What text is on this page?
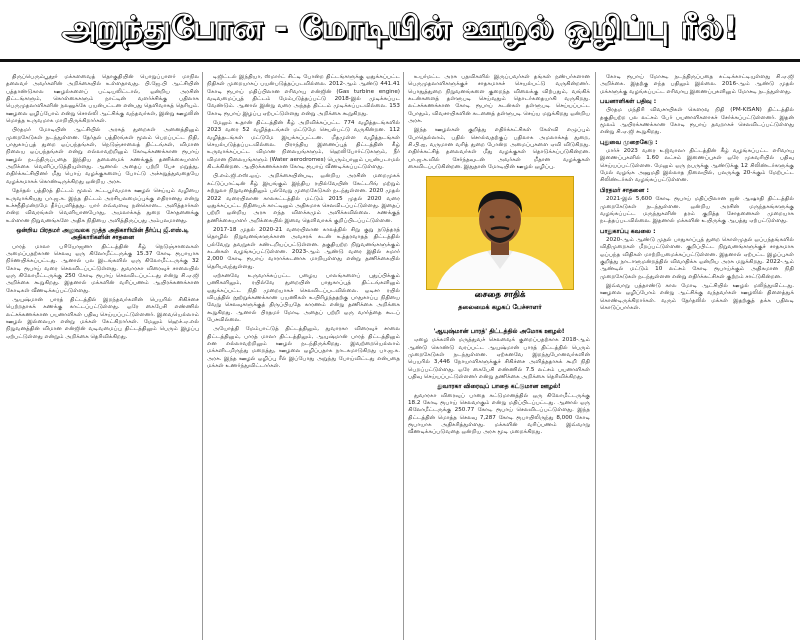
அறுந்துபோன - மோடியின் ஊழல் ஒழிப்பு ரீல்!

திருப்பெரும்பூதூர் மக்களவைத் தொகுதியின் பொறுப்பாளர் மாநில தலைவர் அவர்களின் அறிக்கையில் உள்ளதாவது. பி.ஜே.பி ஆட்சியின் பத்தாண்டுகால ஊழல்களைப் பட்டியலிட்டால், ஒன்றிய அரசின் திட்டங்களும், கொள்கைகளும் நாட்டின் வளர்ச்சிக்கு பதிலாக பெருமுதலாளிகளின் நலனுக்கே பயன்பட்டன என்பது தெளிவாகத் தெரியும். ஊழலை ஒழிப்போம் என்று சொல்லி ஆட்சிக்கு வந்தவர்கள், இன்று ஊழலின் மொத்த உருவமாக மாறியிருக்கிறார்கள்.

பிரதமர் மோடியின் ஆட்சியில் அரசுத் துறைகள் அனைத்திலும் முறைகேடுகள் நடந்துள்ளன. தேர்தல் பத்திரங்கள் மூலம் பெறப்பட்ட நிதி, பாதுகாப்புத் துறை ஒப்பந்தங்கள், நெடுஞ்சாலைத் திட்டங்கள், விமான நிலைய ஒப்பந்தங்கள் என்று எல்லாவற்றிலும் கோடிக்கணக்கான ரூபாய் ஊழல் நடந்திருப்பதை இந்திய தலைமைக் கணக்குத் தணிக்கையாளர் அறிக்கை வெளிப்படுத்தியுள்ளது. ஆனால் அதைப் பற்றி பேச மறுத்து, எதிர்க்கட்சியினர் மீது பொய் வழக்குகளைப் போட்டு அச்சுறுத்துவதையே வழக்கமாகக் கொண்டிருக்கிறது ஒன்றிய அரசு.

தேர்தல் பத்திரத் திட்டம் மூலம் சட்டபூர்வமாக ஊழல் செய்யும் வழியை உருவாக்கியது பா.ஜ.க. இந்த திட்டம் அரசியலமைப்புக்கு எதிரானது என்று உச்சநீதிமன்றமே தீர்ப்பளித்தது. யார் எவ்வளவு நன்கொடை அளித்தார்கள் என்ற விவரங்கள் வெளியானபோது, அமலாக்கத் துறை சோதனைக்கு உள்ளான நிறுவனங்களே அதிக நிதியை அளித்திருப்பது அம்பலமானது.

ஒன்றிய பிரதமர் அலுவலக மூத்த அதிகாரியின் தீர்ப்பு ஜீ.எஸ்.டி அதிகாரிகளின் சாதனை

பாரத் மாலா பரியோஜனா திட்டத்தின் கீழ் நெடுஞ்சாலைகள் அமைப்பதற்கான செலவு ஒரு கிலோமீட்டருக்கு 15.37 கோடி ரூபாயாக நிர்ணயிக்கப்பட்டது. ஆனால் பல இடங்களில் ஒரு கிலோமீட்டருக்கு 32 கோடி ரூபாய் வரை செலவிடப்பட்டுள்ளது. துவாரகா விரைவுச் சாலையில் ஒரு கிலோமீட்டருக்கு 250 கோடி ரூபாய் செலவிடப்பட்டது என்று சி.ஏ.ஜி அறிக்கை கூறுகிறது. இதனால் மக்களின் வரிப்பணம் ஆயிரக்கணக்கான கோடிகள் வீணடிக்கப்பட்டுள்ளது.

ஆயுஷ்மான் பாரத் திட்டத்தில் இறந்தவர்களின் பெயரில் சிகிச்சை பெற்றதாகக் கணக்கு காட்டப்பட்டுள்ளது. ஒரே கைபேசி எண்ணில் லட்சக்கணக்கான பயனாளிகள் பதிவு செய்யப்பட்டுள்ளனர். இவையெல்லாம் ஊழல் இல்லையா என்று மக்கள் கேட்கிறார்கள். மேலும் ஹெச்.ஏ.எல் நிறுவனத்தின் விமான என்ஜின் வடிவமைப்பு திட்டத்திலும் பெரும் இழப்பு ஏற்பட்டுள்ளது என்றும் அறிக்கை தெரிவிக்கிறது.

டிஜிட்டல் இந்தியா, ஸ்மார்ட் சிட்டி போன்ற திட்டங்களுக்கு ஒதுக்கப்பட்ட நிதிகள் முறையாகப் பயன்படுத்தப்படவில்லை. 2012-ஆம் ஆண்டு 441.41 கோடி ரூபாய் மதிப்பிலான எரிவாயு என்ஜின் (Gas turbine engine) வடிவமைப்புத் திட்டம் மேம்படுத்தப்பட்டு 2018-இல் முடிக்கப்பட வேண்டும். ஆனால் இன்று வரை அந்தத் திட்டம் முடிக்கப்படவில்லை. 153 கோடி ரூபாய் இழப்பு ஏற்பட்டுள்ளது என்று அறிக்கை கூறுகிறது.

மேலும் உதான் திட்டத்தின் கீழ் அறிவிக்கப்பட்ட 774 வழித்தடங்களில் 2023 வரை 52 வழித்தடங்கள் மட்டுமே செயல்பட்டு வருகின்றன. 112 வழித்தடங்கள் மட்டுமே இயக்கப்பட்டன. மீதமுள்ள வழித்தடங்கள் செயல்படுத்தப்படவில்லை. பிராந்திய இணைப்புத் திட்டத்தின் கீழ் உருவாக்கப்பட்ட விமான நிலையங்களும், ஹெலிபோர்ட்டுகளும், நீர் விமான நிலையங்களும் (Water aerodromes) பெரும்பாலும் பயன்படாமல் கிடக்கின்றன. ஆயிரக்கணக்கான கோடி ரூபாய் வீணடிக்கப்பட்டுள்ளது.

பி.எம்.ஜி.எஸ்.ஒய். அறிக்கையின்படி, ஒன்றிய அரசின் மறைமுகக் கட்டுப்பாட்டின் கீழ் இயங்கும் இந்திய ரயில்வேயின் கேட்டரிங் மற்றும் சுற்றுலா நிறுவனத்திலும் பல்வேறு முறைகேடுகள் நடந்துள்ளன. 2020 முதல் 2022 வரையிலான காலகட்டத்தில் மட்டும் 2015 முதல் 2020 வரை ஒதுக்கப்பட்ட நிதியைக் காட்டிலும் அதிகமாக செலவிடப்பட்டுள்ளது. இதைப் பற்றி ஒன்றிய அரசு எந்த விளக்கமும் அளிக்கவில்லை. கணக்குத் தணிக்கையாளர் அறிக்கையில் இவை தெளிவாகக் குறிப்பிடப்பட்டுள்ளன.

2017-18 முதல் 2020-21 வரையிலான காலத்தில் சிறு குறு நடுத்தரத் தொழில் நிறுவனங்களுக்கான அவசரக் கடன் உத்தரவாதத் திட்டத்தில் பல்வேறு தவறுகள் கண்டறியப்பட்டுள்ளன. தகுதியற்ற நிறுவனங்களுக்கும் கடன்கள் வழங்கப்பட்டுள்ளன. 2023-ஆம் ஆண்டு வரை இதில் சுமார் 2,000 கோடி ரூபாய் வாராக்கடனாக மாறியுள்ளது என்று தணிக்கையில் தெரியவந்துள்ளது.

ஏற்கனவே உருவாக்கப்பட்ட பழைய பாலங்களைப் புதுப்பிக்கும் பணிகளிலும், ரயில்வே துறையின் பாதுகாப்புத் திட்டங்களிலும் ஒதுக்கப்பட்ட நிதி முறையாகச் செலவிடப்படவில்லை. ஒடிசா ரயில் விபத்தில் நூற்றுக்கணக்கான பயணிகள் உயிரிழந்ததற்கு பாதுகாப்பு நிதியை வேறு செலவுகளுக்குத் திருப்பியதே காரணம் என்று தணிக்கை அறிக்கை கூறுகிறது. ஆனால் பிரதமர் மோடி அதைப் பற்றி ஒரு வார்த்தை கூடப் பேசவில்லை.

அயோத்தி மேம்பாட்டுத் திட்டத்திலும், துவாரகா விரைவுச் சாலை திட்டத்திலும், பாரத் மாலா திட்டத்திலும், ஆயுஷ்மான் பாரத் திட்டத்திலும் என எல்லாவற்றிலும் ஊழல் நடந்திருக்கிறது. இவற்றையெல்லாம் மக்களிடமிருந்து மறைத்து, ஊழலை ஒழிப்பதாக நாடகமாடுகிறது பா.ஜ.க. அரசு. இந்த ஊழல் ஒழிப்பு ரீல் இப்போது அறுந்து போய்விட்டது என்பதை மக்கள் உணர்ந்துவிட்டார்கள்.

உயர்மட்ட அரசு பதவிகளில் இருப்பவர்கள் தங்கள் நண்பர்களான பெருமுதலாளிகளுக்குச் சாதகமாகச் செயல்பட்டு வருகின்றனர். பொதுத்துறை நிறுவனங்களை குறைந்த விலைக்கு விற்பதும், வங்கிக் கடன்களைத் தள்ளுபடி செய்வதும் தொடர்கதையாகி வருகிறது. லட்சக்கணக்கான கோடி ரூபாய் கடன்கள் தள்ளுபடி செய்யப்பட்ட போதும், விவசாயிகளின் கடனைத் தள்ளுபடி செய்ய மறுக்கிறது ஒன்றிய அரசு.

இந்த ஊழல்கள் குறித்து எதிர்க்கட்சிகள் கேள்வி எழுப்பும் போதெல்லாம், பதில் சொல்வதற்குப் பதிலாக அமலாக்கத் துறை, சி.பி.ஐ, வருமான வரித் துறை போன்ற அமைப்புகளை ஏவி விடுகிறது. எதிர்க்கட்சித் தலைவர்கள் மீது வழக்குகள் தொடுக்கப்படுகின்றன. பா.ஜ.க.வில் சேர்ந்தவுடன் அவர்கள் மீதான வழக்குகள் கைவிடப்படுகின்றன. இதுதான் மோடியின் ஊழல் ஒழிப்பு.

சைதை சாதிக்
தலைமைக் கழகப் பேச்சாளர்

'ஆயுஷ்மான் பாரத்' திட்டத்தில் அமோக ஊழல்!

ஏழை மக்களின் மருத்துவச் செலவைக் குறைப்பதற்காக 2018-ஆம் ஆண்டு கொண்டு வரப்பட்ட ஆயுஷ்மான் பாரத் திட்டத்தில் பெரும் முறைகேடுகள் நடந்துள்ளன. ஏற்கனவே இறந்துபோனவர்களின் பெயரில் 3,446 நோயாளிகளுக்குச் சிகிச்சை அளித்ததாகக் கூறி நிதி பெறப்பட்டுள்ளது. ஒரே கைபேசி எண்ணில் 7.5 லட்சம் பயனாளிகள் பதிவு செய்யப்பட்டுள்ளனர் என்று தணிக்கை அறிக்கை தெரிவிக்கிறது.

துவாரகா விரைவுப் பாதை கட்டுமான ஊழல்!

துவாரகா விரைவுப் பாதை கட்டுமானத்தில் ஒரு கிலோமீட்டருக்கு 18.2 கோடி ரூபாய் செலவாகும் என்று மதிப்பிடப்பட்டது. ஆனால் ஒரு கிலோமீட்டருக்கு 250.77 கோடி ரூபாய் செலவிடப்பட்டுள்ளது. இந்த திட்டத்தின் மொத்த செலவு 7,287 கோடி ரூபாயிலிருந்து 8,000 கோடி ரூபாயாக அதிகரித்துள்ளது. மக்களின் வரிப்பணம் இவ்வாறு வீணடிக்கப்படுவதை ஒன்றிய அரசு மூடி மறைக்கிறது.

கோடி ரூபாய் மோசடி நடந்திருப்பதை சுட்டிக்காட்டியுள்ளது சி.ஏ.ஜி அறிக்கை. இதற்கு எந்த பதிலும் இல்லை. 2016-ஆம் ஆண்டு முதல் மக்களுக்கு வழங்கப்பட்ட எரிவாயு இணைப்புகளிலும் மோசடி நடந்துள்ளது.

பயனாளிகள் பதிவு :

பிரதம மந்திரி விவசாயிகள் கௌரவ நிதி (PM-KISAN) திட்டத்தில் தகுதியற்ற பல லட்சம் பேர் பயனாளிகளாகச் சேர்க்கப்பட்டுள்ளனர். இதன் மூலம் ஆயிரக்கணக்கான கோடி ரூபாய் தவறாகச் செலவிடப்பட்டுள்ளது என்று சி.ஏ.ஜி கூறுகிறது.

புதுவை முறைகேடு :

மார்ச் 2023 வரை உஜ்வாலா திட்டத்தின் கீழ் வழங்கப்பட்ட எரிவாயு இணைப்புகளில் 1.60 லட்சம் இணைப்புகள் ஒரே முகவரியில் பதிவு செய்யப்பட்டுள்ளன. மேலும் ஒரு நபருக்கு ஆண்டுக்கு 12 சிலிண்டர்களுக்கு மேல் வழங்க அனுமதி இல்லாத நிலையில், பலருக்கு 20-க்கும் மேற்பட்ட சிலிண்டர்கள் வழங்கப்பட்டுள்ளன.

பிரதமர் சாதனை :

2021-இல் 5,600 கோடி ரூபாய் மதிப்பிலான ஜன் ஆஷாதி திட்டத்தில் முறைகேடுகள் நடந்துள்ளன. ஒன்றிய அரசின் மருந்தகங்களுக்கு வழங்கப்பட்ட மருந்துகளின் தரம் குறித்த சோதனைகள் முறையாக நடத்தப்படவில்லை. இதனால் மக்களின் உயிருக்கு ஆபத்து ஏற்பட்டுள்ளது.

பாதுகாப்பு கவலை :

2020-ஆம் ஆண்டு முதல் பாதுகாப்புத் துறை கொள்முதல் ஒப்பந்தங்களில் விதிமுறைகள் மீறப்பட்டுள்ளன. குறிப்பிட்ட நிறுவனங்களுக்குச் சாதகமாக ஒப்பந்த விதிகள் மாற்றியமைக்கப்பட்டுள்ளன. இதனால் ஏற்பட்ட இழப்புகள் குறித்து நாடாளுமன்றத்தில் விவாதிக்க ஒன்றிய அரசு மறுக்கிறது. 2022-ஆம் ஆண்டில் மட்டும் 10 லட்சம் கோடி ரூபாய்க்கும் அதிகமான நிதி முறைகேடுகள் நடந்துள்ளன என்று எதிர்க்கட்சிகள் குற்றம் சாட்டுகின்றன.

இவ்வாறு பத்தாண்டு கால மோடி ஆட்சியில் ஊழல் மலிந்துவிட்டது. ஊழலை ஒழிப்போம் என்று ஆட்சிக்கு வந்தவர்கள் ஊழலில் திளைத்துக் கொண்டிருக்கிறார்கள். வரும் தேர்தலில் மக்கள் இதற்குத் தக்க பதிலடி கொடுப்பார்கள்.
